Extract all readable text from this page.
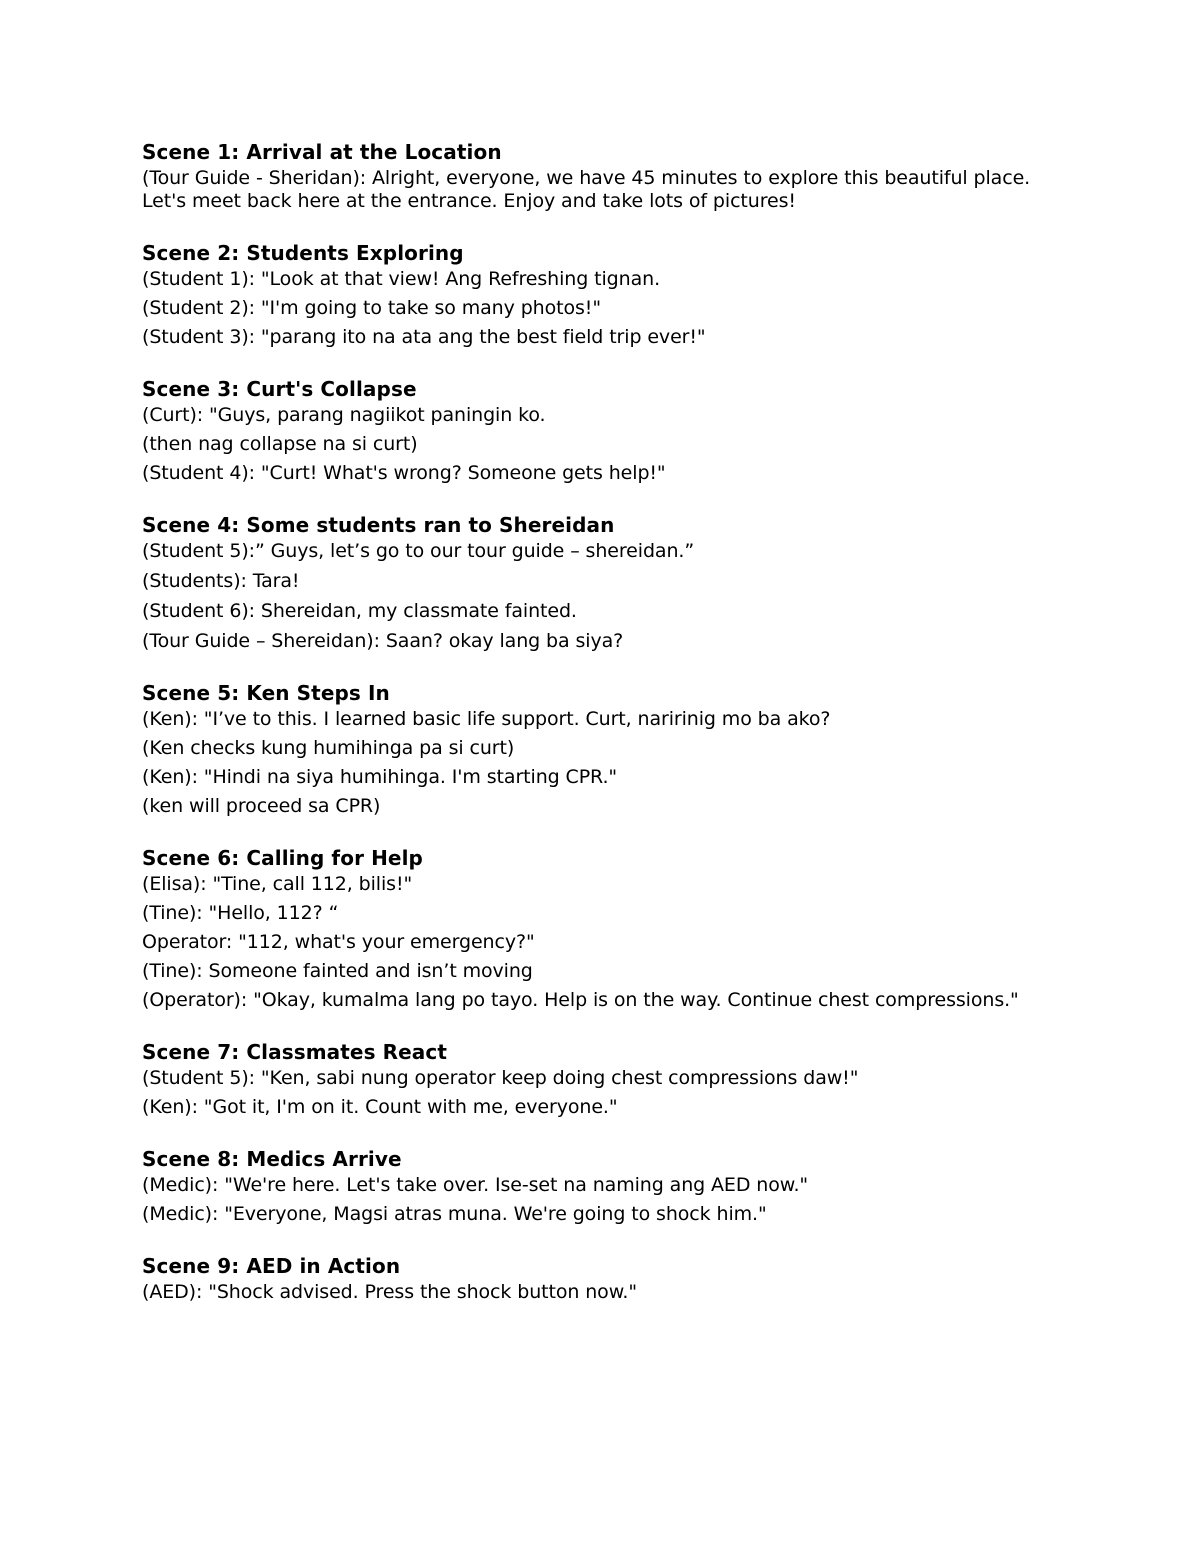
Scene 1: Arrival at the Location

(Tour Guide - Sheridan): Alright, everyone, we have 45 minutes to explore this beautiful place. Let's meet back here at the entrance. Enjoy and take lots of pictures!

Scene 2: Students Exploring

(Student 1): "Look at that view! Ang Refreshing tignan.

(Student 2): "I'm going to take so many photos!"

(Student 3): "parang ito na ata ang the best field trip ever!"

Scene 3: Curt's Collapse

(Curt): "Guys, parang nagiikot paningin ko.

(then nag collapse na si curt)

(Student 4): "Curt! What's wrong? Someone gets help!"

Scene 4: Some students ran to Shereidan

(Student 5):” Guys, let’s go to our tour guide – shereidan.”

(Students): Tara!

(Student 6): Shereidan, my classmate fainted.

(Tour Guide – Shereidan): Saan? okay lang ba siya?

Scene 5: Ken Steps In

(Ken): "I’ve to this. I learned basic life support. Curt, naririnig mo ba ako?

(Ken checks kung humihinga pa si curt)

(Ken): "Hindi na siya humihinga. I'm starting CPR."

(ken will proceed sa CPR)

Scene 6: Calling for Help

(Elisa): "Tine, call 112, bilis!"

(Tine): "Hello, 112? “

Operator: "112, what's your emergency?"

(Tine): Someone fainted and isn’t moving

(Operator): "Okay, kumalma lang po tayo. Help is on the way. Continue chest compressions."

Scene 7: Classmates React

(Student 5): "Ken, sabi nung operator keep doing chest compressions daw!"

(Ken): "Got it, I'm on it. Count with me, everyone."

Scene 8: Medics Arrive

(Medic): "We're here. Let's take over. Ise-set na naming ang AED now."

(Medic): "Everyone, Magsi atras muna. We're going to shock him."

Scene 9: AED in Action

(AED): "Shock advised. Press the shock button now."
